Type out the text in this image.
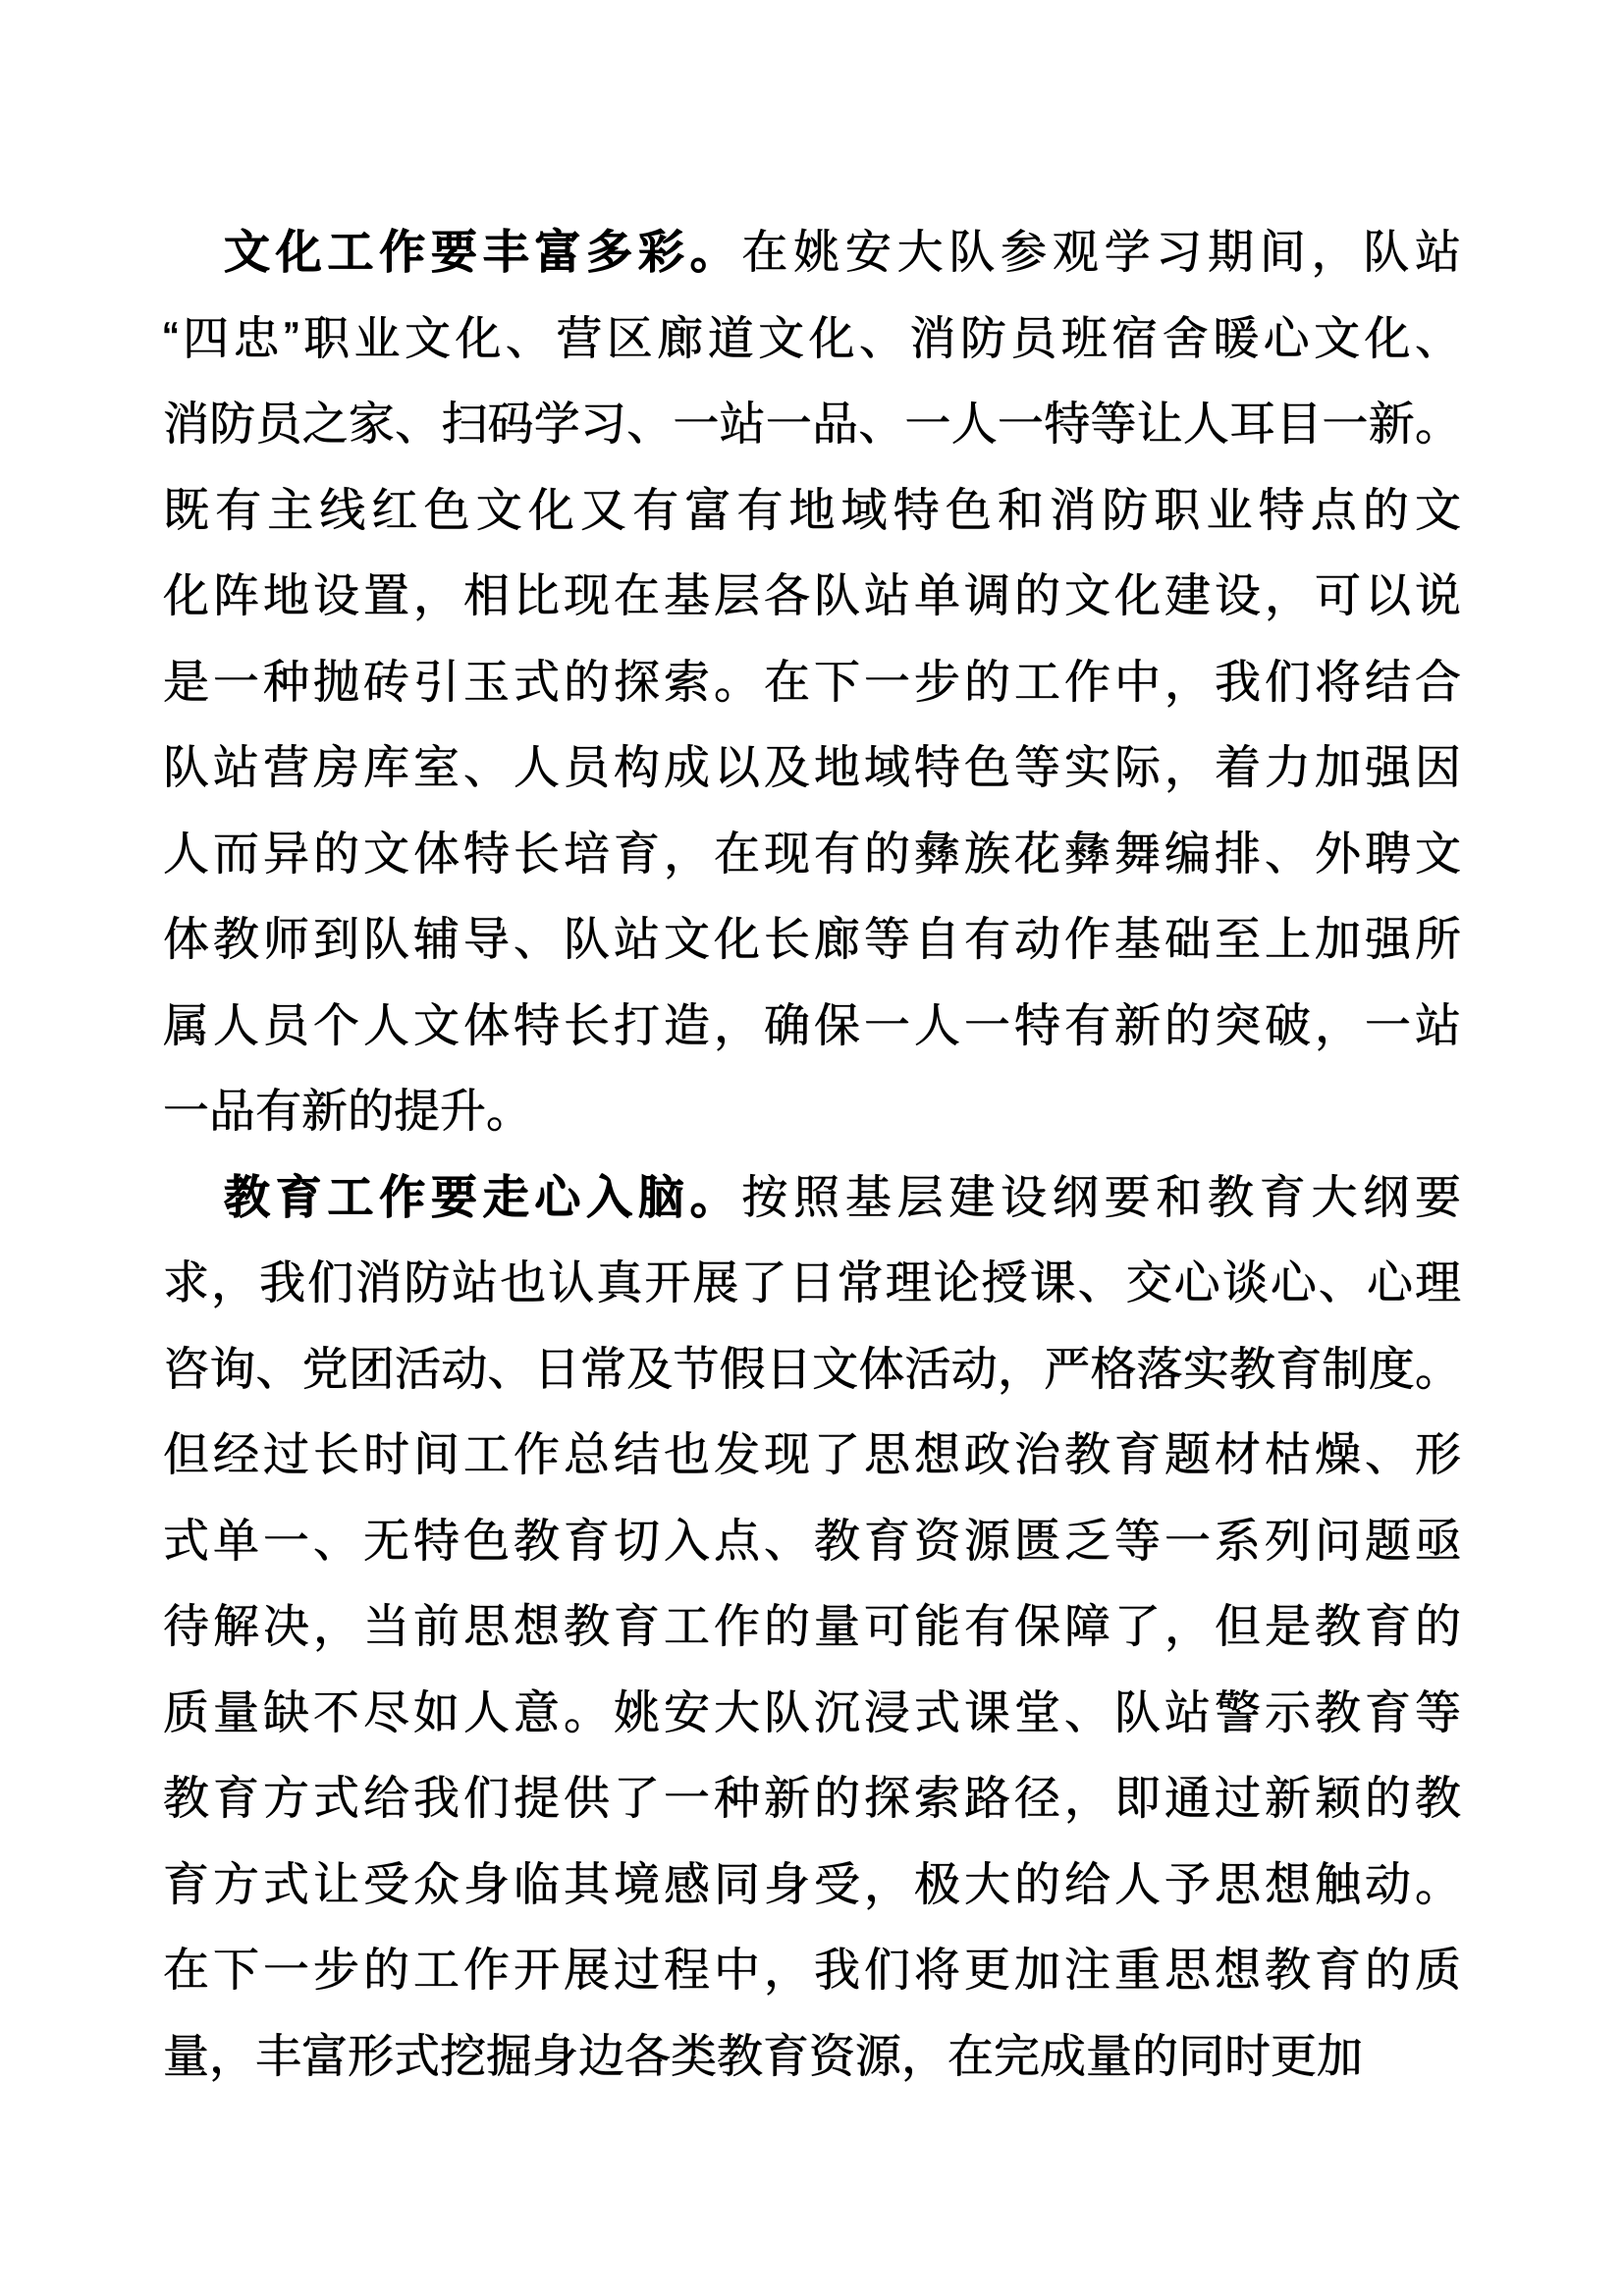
文化工作要丰富多彩。在姚安大队参观学习期间，队站
“四忠”职业文化、营区廊道文化、消防员班宿舍暖心文化、
消防员之家、扫码学习、一站一品、一人一特等让人耳目一新。
既有主线红色文化又有富有地域特色和消防职业特点的文
化阵地设置，相比现在基层各队站单调的文化建设，可以说
是一种抛砖引玉式的探索。在下一步的工作中，我们将结合
队站营房库室、人员构成以及地域特色等实际，着力加强因
人而异的文体特长培育，在现有的彝族花彝舞编排、外聘文
体教师到队辅导、队站文化长廊等自有动作基础至上加强所
属人员个人文体特长打造，确保一人一特有新的突破，一站
一品有新的提升。
教育工作要走心入脑。按照基层建设纲要和教育大纲要
求，我们消防站也认真开展了日常理论授课、交心谈心、心理
咨询、党团活动、日常及节假日文体活动，严格落实教育制度。
但经过长时间工作总结也发现了思想政治教育题材枯燥、形
式单一、无特色教育切入点、教育资源匮乏等一系列问题亟
待解决，当前思想教育工作的量可能有保障了，但是教育的
质量缺不尽如人意。姚安大队沉浸式课堂、队站警示教育等
教育方式给我们提供了一种新的探索路径，即通过新颖的教
育方式让受众身临其境感同身受，极大的给人予思想触动。
在下一步的工作开展过程中，我们将更加注重思想教育的质
量，丰富形式挖掘身边各类教育资源，在完成量的同时更加
